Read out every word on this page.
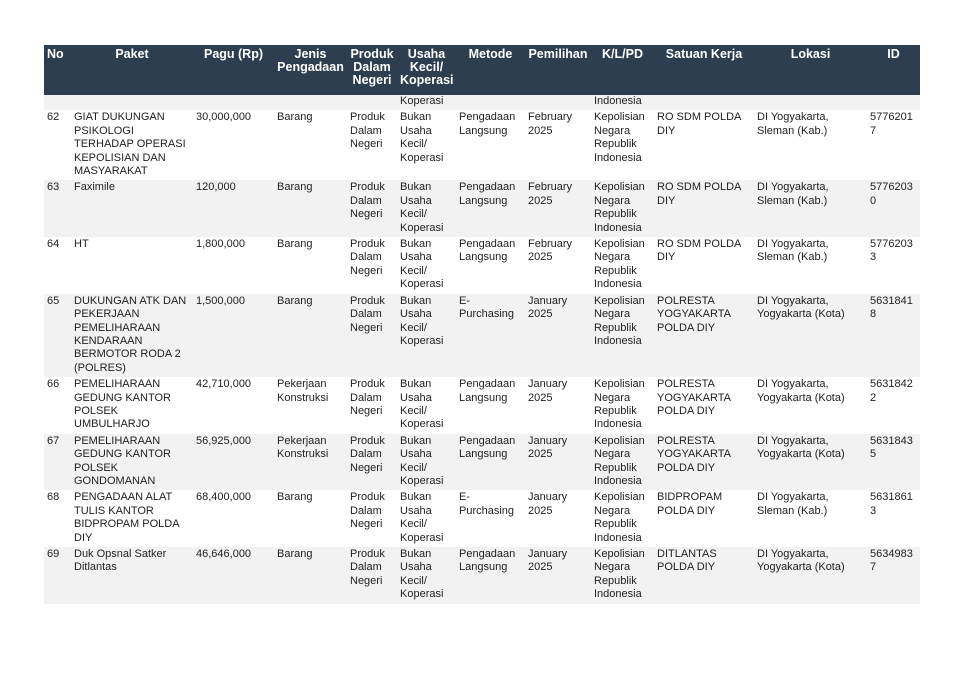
No	Paket	Pagu (Rp)	Jenis Pengadaan	Produk Dalam Negeri	Usaha Kecil/ Koperasi	Metode	Pemilihan	K/L/PD	Satuan Kerja	Lokasi	ID
					Koperasi			Indonesia			
62	GIAT DUKUNGAN PSIKOLOGI TERHADAP OPERASI KEPOLISIAN DAN MASYARAKAT	30,000,000	Barang	Produk Dalam Negeri	Bukan Usaha Kecil/ Koperasi	Pengadaan Langsung	February 2025	Kepolisian Negara Republik Indonesia	RO SDM POLDA DIY	DI Yogyakarta, Sleman (Kab.)	57762017
63	Faximile	120,000	Barang	Produk Dalam Negeri	Bukan Usaha Kecil/ Koperasi	Pengadaan Langsung	February 2025	Kepolisian Negara Republik Indonesia	RO SDM POLDA DIY	DI Yogyakarta, Sleman (Kab.)	57762030
64	HT	1,800,000	Barang	Produk Dalam Negeri	Bukan Usaha Kecil/ Koperasi	Pengadaan Langsung	February 2025	Kepolisian Negara Republik Indonesia	RO SDM POLDA DIY	DI Yogyakarta, Sleman (Kab.)	57762033
65	DUKUNGAN ATK DAN PEKERJAAN PEMELIHARAAN KENDARAAN BERMOTOR RODA 2 (POLRES)	1,500,000	Barang	Produk Dalam Negeri	Bukan Usaha Kecil/ Koperasi	E- Purchasing	January 2025	Kepolisian Negara Republik Indonesia	POLRESTA YOGYAKARTA POLDA DIY	DI Yogyakarta, Yogyakarta (Kota)	56318418
66	PEMELIHARAAN GEDUNG KANTOR POLSEK UMBULHARJO	42,710,000	Pekerjaan Konstruksi	Produk Dalam Negeri	Bukan Usaha Kecil/ Koperasi	Pengadaan Langsung	January 2025	Kepolisian Negara Republik Indonesia	POLRESTA YOGYAKARTA POLDA DIY	DI Yogyakarta, Yogyakarta (Kota)	56318422
67	PEMELIHARAAN GEDUNG KANTOR POLSEK GONDOMANAN	56,925,000	Pekerjaan Konstruksi	Produk Dalam Negeri	Bukan Usaha Kecil/ Koperasi	Pengadaan Langsung	January 2025	Kepolisian Negara Republik Indonesia	POLRESTA YOGYAKARTA POLDA DIY	DI Yogyakarta, Yogyakarta (Kota)	56318435
68	PENGADAAN ALAT TULIS KANTOR BIDPROPAM POLDA DIY	68,400,000	Barang	Produk Dalam Negeri	Bukan Usaha Kecil/ Koperasi	E- Purchasing	January 2025	Kepolisian Negara Republik Indonesia	BIDPROPAM POLDA DIY	DI Yogyakarta, Sleman (Kab.)	56318613
69	Duk Opsnal Satker Ditlantas	46,646,000	Barang	Produk Dalam Negeri	Bukan Usaha Kecil/ Koperasi	Pengadaan Langsung	January 2025	Kepolisian Negara Republik Indonesia	DITLANTAS POLDA DIY	DI Yogyakarta, Yogyakarta (Kota)	56349837
